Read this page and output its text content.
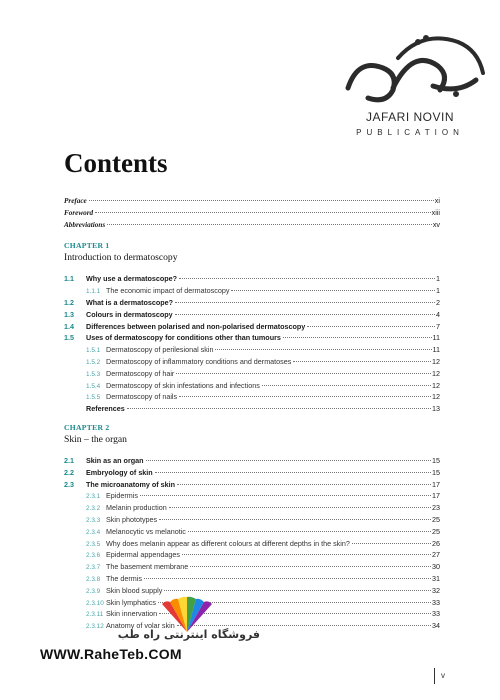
JAFARI NOVIN
PUBLICATION
Contents
Preface	xi
Foreword	xiii
Abbreviations	xv
CHAPTER 1
Introduction to dermatoscopy
1.1	Why use a dermatoscope?	1
1.1.1 The economic impact of dermatoscopy	1
1.2	What is a dermatoscope?	2
1.3	Colours in dermatoscopy	4
1.4	Differences between polarised and non-polarised dermatoscopy	7
1.5	Uses of dermatoscopy for conditions other than tumours	11
1.5.1 Dermatoscopy of perilesional skin	11
1.5.2 Dermatoscopy of inflammatory conditions and dermatoses	12
1.5.3 Dermatoscopy of hair	12
1.5.4 Dermatoscopy of skin infestations and infections	12
1.5.5 Dermatoscopy of nails	12
References	13
CHAPTER 2
Skin – the organ
2.1	Skin as an organ	15
2.2	Embryology of skin	15
2.3	The microanatomy of skin	17
2.3.1 Epidermis	17
2.3.2 Melanin production	23
2.3.3 Skin phototypes	25
2.3.4 Melanocytic vs melanotic	25
2.3.5 Why does melanin appear as different colours at different depths in the skin?	26
2.3.6 Epidermal appendages	27
2.3.7 The basement membrane	30
2.3.8 The dermis	31
2.3.9 Skin blood supply	32
2.3.10 Skin lymphatics	33
2.3.11 Skin innervation	33
2.3.12 Anatomy of volar skin	34
فروشگاه اینترنتی راه طب
WWW.RaheTeb.COM
v
